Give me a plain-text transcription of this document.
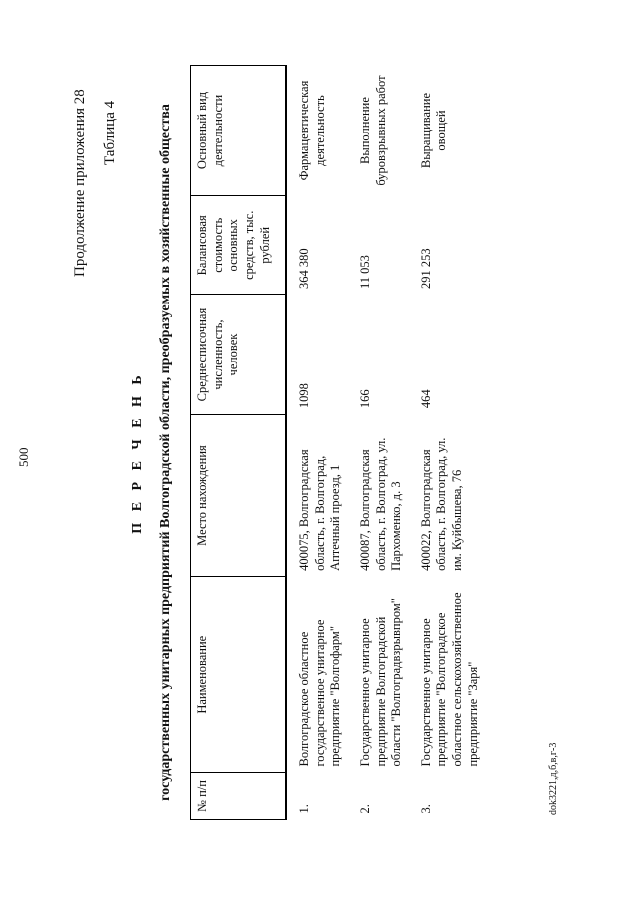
500
Продолжение приложения 28 Таблица 4
П Е Р Е Ч Е Н Ь государственных унитарных предприятий Волгоградской области, преобразуемых в хозяйственные общества № п/п	Наименование	Место нахождения	Среднесписочная численность, человек	Балансовая стоимость основных средств, тыс. рублей	Основный вид деятельности

1.	Волгоградское областное государственное унитарное предприятие "Волгофарм"	400075, Волгоградская область, г. Волгоград, Аптечный проезд, 1	1098	364 380	Фармацевтическая деятельность
2.	Государственное унитарное предприятие Волгоградской области "Волгоградвзрывпром"	400087, Волгоградская область, г. Волгоград, ул. Пархоменко, д. 3	166	11 053	Выполнение буровзрывных работ
3.	Государственное унитарное предприятие "Волгоградское областное сельскохозяйственное предприятие "Заря"	400022, Волгоградская область, г. Волгоград, ул. им. Куйбышева, 76	464	291 253	Выращивание овощей
dok3221,д,б,в,г-3
